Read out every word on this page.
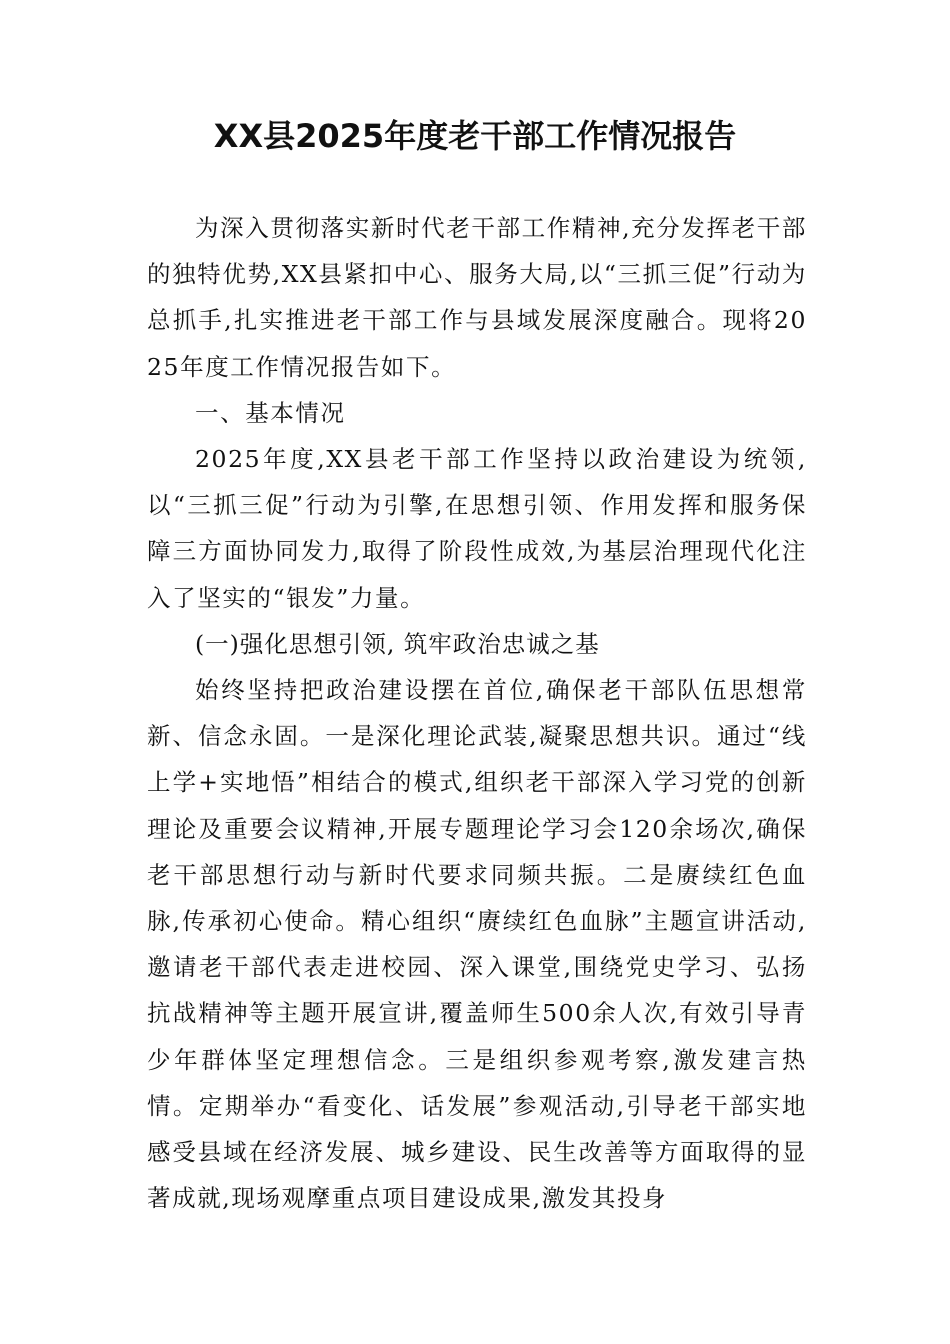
XX县2025年度老干部工作情况报告

为深入贯彻落实新时代老干部工作精神,充分发挥老干部的独特优势,XX县紧扣中心、服务大局,以“三抓三促”行动为总抓手,扎实推进老干部工作与县域发展深度融合。现将2025年度工作情况报告如下。

一、基本情况

2025年度,XX县老干部工作坚持以政治建设为统领,以“三抓三促”行动为引擎,在思想引领、作用发挥和服务保障三方面协同发力,取得了阶段性成效,为基层治理现代化注入了坚实的“银发”力量。

(一)强化思想引领, 筑牢政治忠诚之基

始终坚持把政治建设摆在首位,确保老干部队伍思想常新、信念永固。一是深化理论武装,凝聚思想共识。通过“线上学+实地悟”相结合的模式,组织老干部深入学习党的创新理论及重要会议精神,开展专题理论学习会120余场次,确保老干部思想行动与新时代要求同频共振。二是赓续红色血脉,传承初心使命。精心组织“赓续红色血脉”主题宣讲活动,邀请老干部代表走进校园、深入课堂,围绕党史学习、弘扬抗战精神等主题开展宣讲,覆盖师生500余人次,有效引导青少年群体坚定理想信念。三是组织参观考察,激发建言热情。定期举办“看变化、话发展”参观活动,引导老干部实地感受县域在经济发展、城乡建设、民生改善等方面取得的显著成就,现场观摩重点项目建设成果,激发其投身
